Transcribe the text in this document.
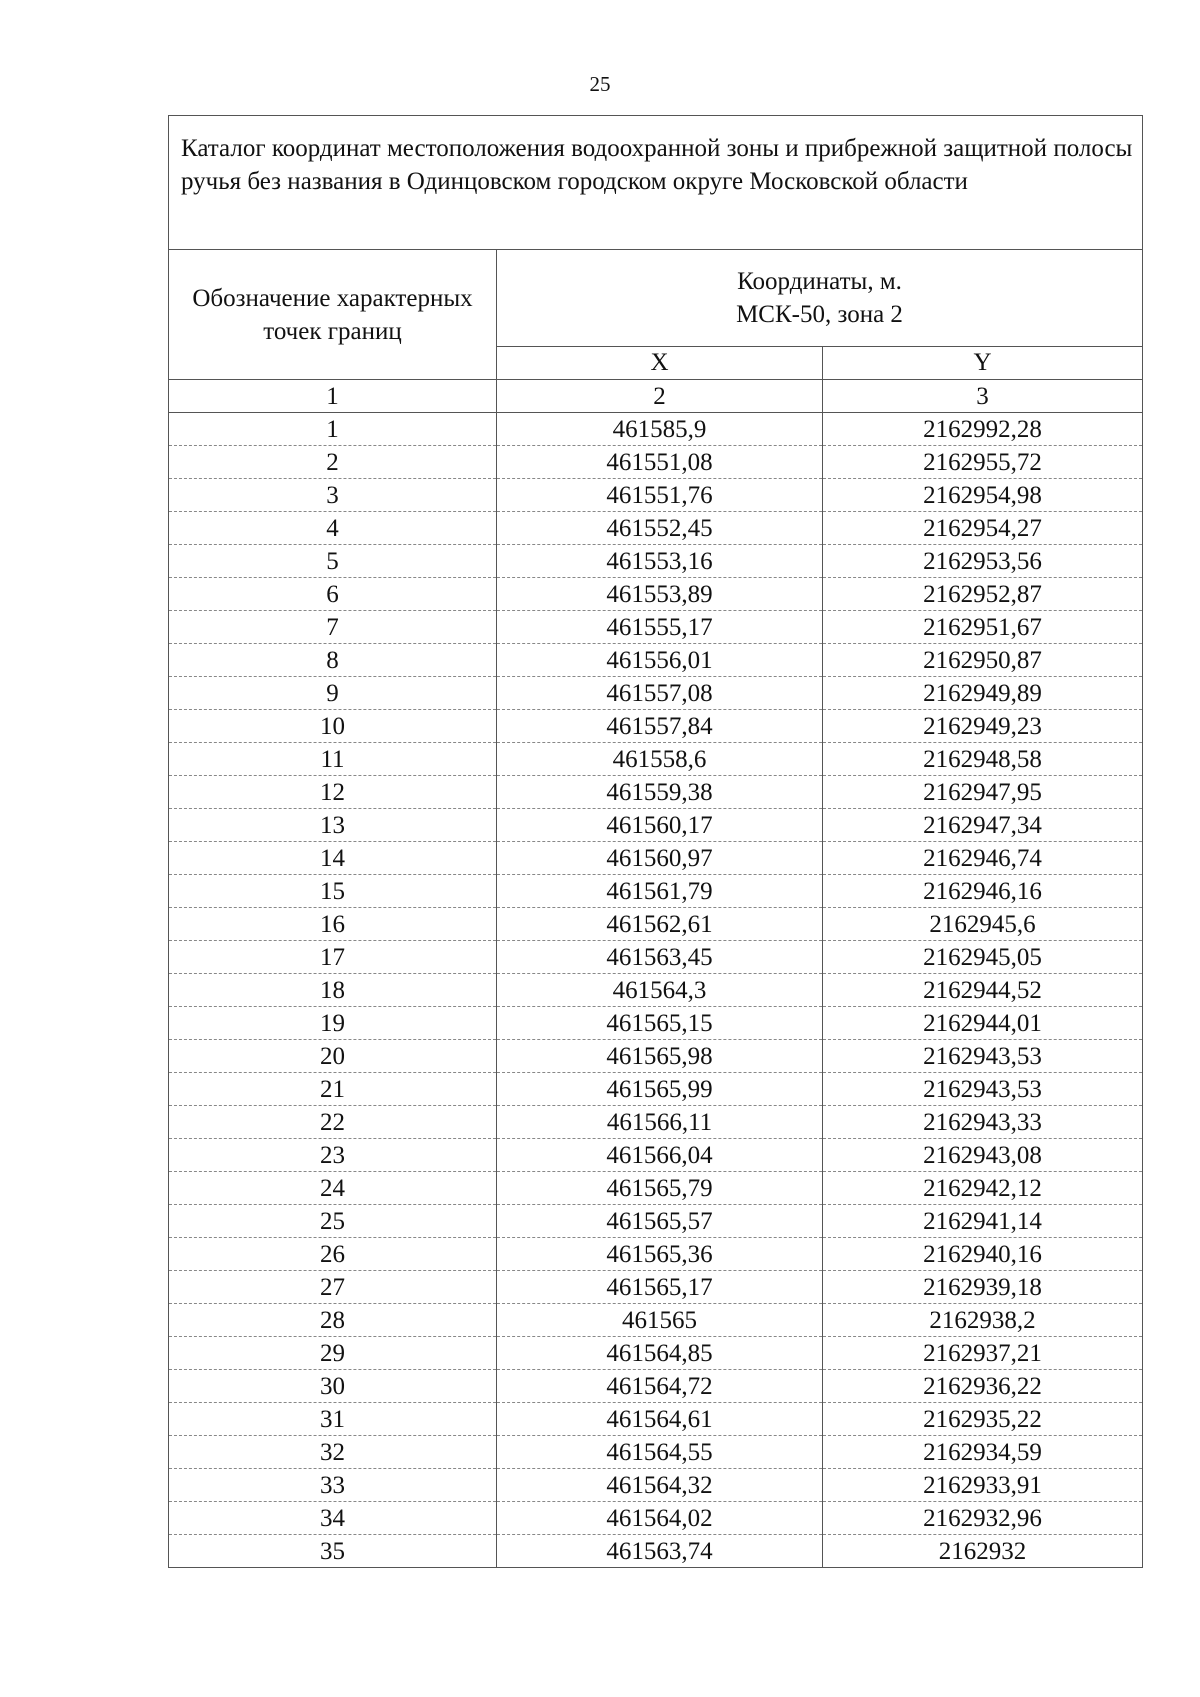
25
Каталог координат местоположения водоохранной зоны и прибрежной защитной полосы ручья без названия в Одинцовском городском округе Московской области		
Обозначение характерных точек границ	Координаты, м.
МСК-50, зона 2	

	X	Y
1	2	3
1	461585,9	2162992,28
2	461551,08	2162955,72
3	461551,76	2162954,98
4	461552,45	2162954,27
5	461553,16	2162953,56
6	461553,89	2162952,87
7	461555,17	2162951,67
8	461556,01	2162950,87
9	461557,08	2162949,89
10	461557,84	2162949,23
11	461558,6	2162948,58
12	461559,38	2162947,95
13	461560,17	2162947,34
14	461560,97	2162946,74
15	461561,79	2162946,16
16	461562,61	2162945,6
17	461563,45	2162945,05
18	461564,3	2162944,52
19	461565,15	2162944,01
20	461565,98	2162943,53
21	461565,99	2162943,53
22	461566,11	2162943,33
23	461566,04	2162943,08
24	461565,79	2162942,12
25	461565,57	2162941,14
26	461565,36	2162940,16
27	461565,17	2162939,18
28	461565	2162938,2
29	461564,85	2162937,21
30	461564,72	2162936,22
31	461564,61	2162935,22
32	461564,55	2162934,59
33	461564,32	2162933,91
34	461564,02	2162932,96
35	461563,74	2162932
